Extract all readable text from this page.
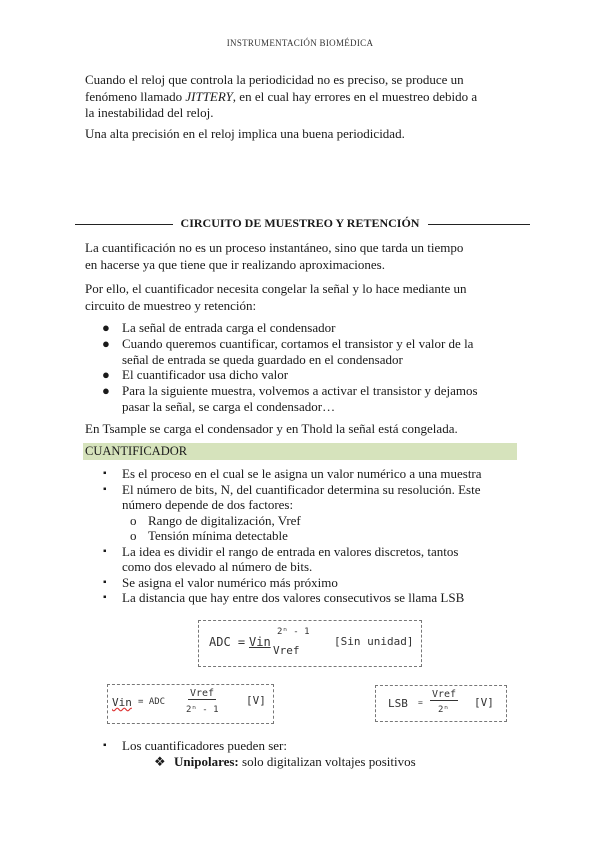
INSTRUMENTACIÓN BIOMÉDICA
Cuando el reloj que controla la periodicidad no es preciso, se produce un
fenómeno llamado JITTERY, en el cual hay errores en el muestreo debido a
la inestabilidad del reloj.
Una alta precisión en el reloj implica una buena periodicidad.
CIRCUITO DE MUESTREO Y RETENCIÓN
La cuantificación no es un proceso instantáneo, sino que tarda un tiempo
en hacerse ya que tiene que ir realizando aproximaciones.
Por ello, el cuantificador necesita congelar la señal y lo hace mediante un
circuito de muestreo y retención:
● La señal de entrada carga el condensador
● Cuando queremos cuantificar, cortamos el transistor y el valor de la
señal de entrada se queda guardado en el condensador
● El cuantificador usa dicho valor
● Para la siguiente muestra, volvemos a activar el transistor y dejamos
pasar la señal, se carga el condensador…
En Tsample se carga el condensador y en Thold la señal está congelada.
CUANTIFICADOR
▪ Es el proceso en el cual se le asigna un valor numérico a una muestra
▪ El número de bits, N, del cuantificador determina su resolución. Este
número depende de dos factores:
o Rango de digitalización, Vref
o Tensión mínima detectable
▪ La idea es dividir el rango de entrada en valores discretos, tantos
como dos elevado al número de bits.
▪ Se asigna el valor numérico más próximo
▪ La distancia que hay entre dos valores consecutivos se llama LSB
ADC = Vin
2ⁿ - 1
Vref
[Sin unidad]
Vin = ADC
Vref
2ⁿ - 1
[V]	LSB =
Vref
2ⁿ
[V]
▪ Los cuantificadores pueden ser:
❖ Unipolares: solo digitalizan voltajes positivos
